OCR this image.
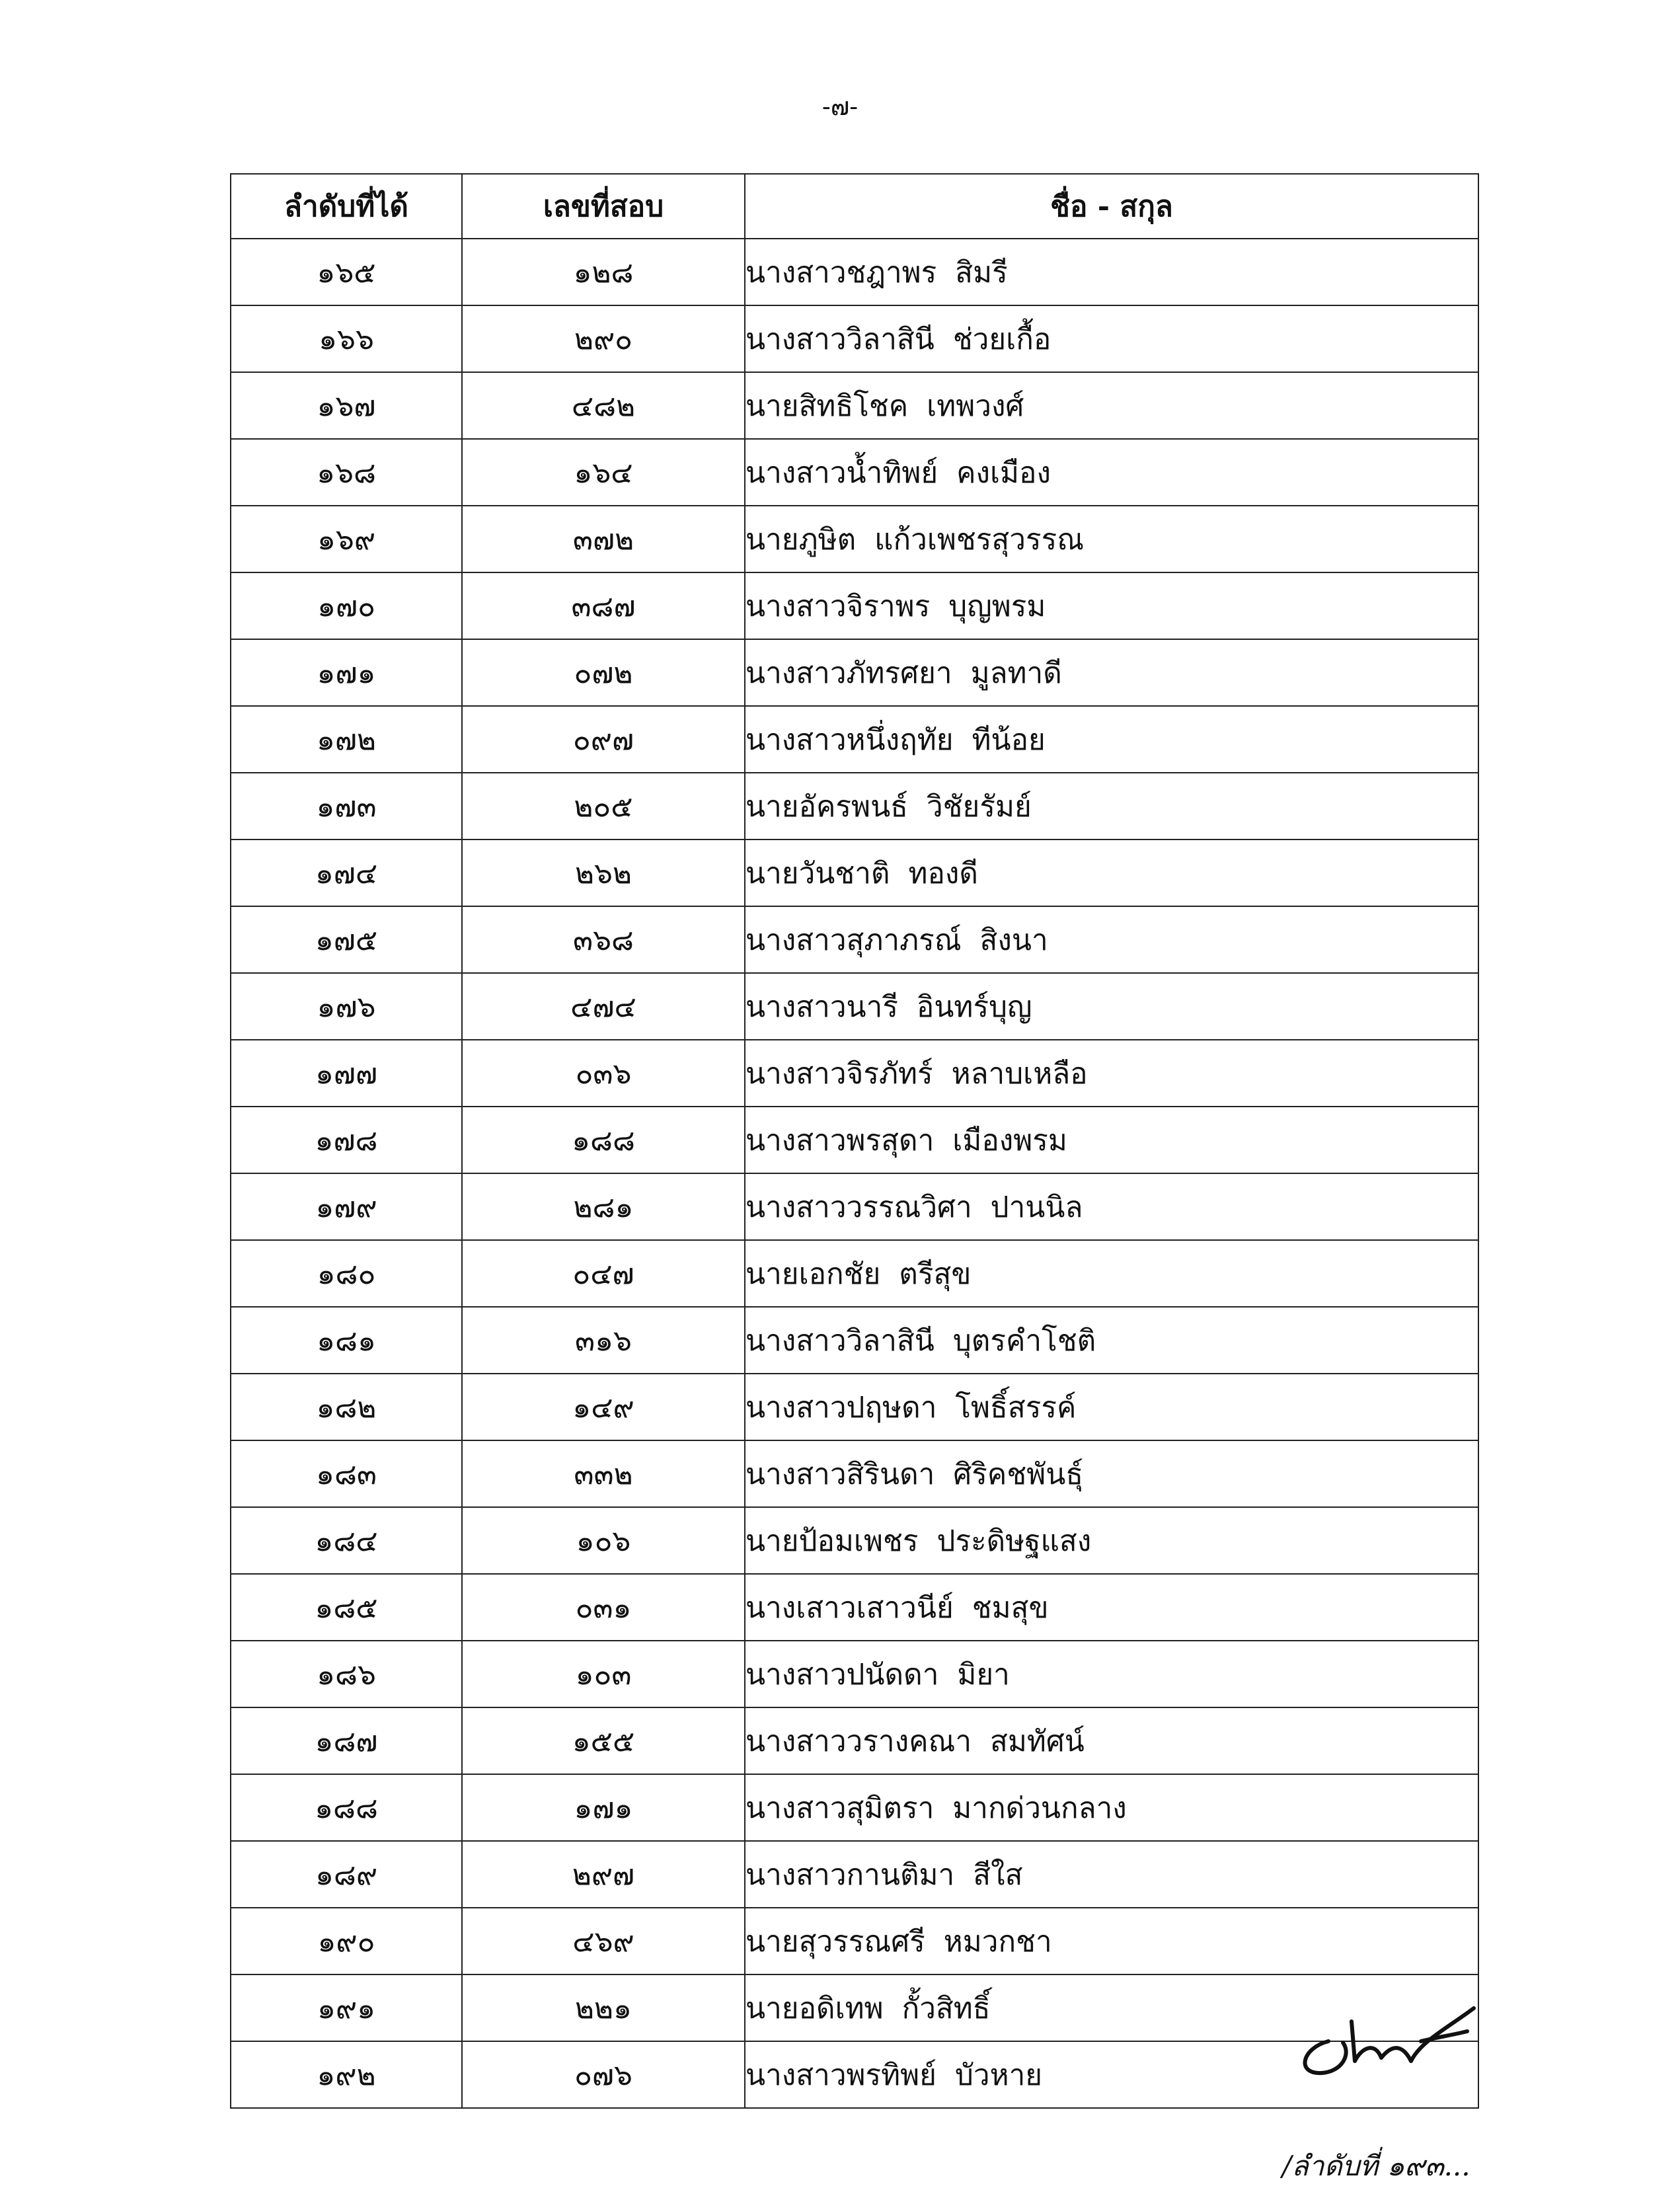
-๗-
ลำดับที่ได้	เลขที่สอบ	ชื่อ - สกุล
๑๖๕	๑๒๘	นางสาวชฎาพร  สิมรี
๑๖๖	๒๙๐	นางสาววิลาสินี  ช่วยเกื้อ
๑๖๗	๔๘๒	นายสิทธิโชค  เทพวงศ์
๑๖๘	๑๖๔	นางสาวน้ำทิพย์  คงเมือง
๑๖๙	๓๗๒	นายภูษิต  แก้วเพชรสุวรรณ
๑๗๐	๓๘๗	นางสาวจิราพร  บุญพรม
๑๗๑	๐๗๒	นางสาวภัทรศยา  มูลทาดี
๑๗๒	๐๙๗	นางสาวหนึ่งฤทัย  ทีน้อย
๑๗๓	๒๐๕	นายอัครพนธ์  วิชัยรัมย์
๑๗๔	๒๖๒	นายวันชาติ  ทองดี
๑๗๕	๓๖๘	นางสาวสุภาภรณ์  สิงนา
๑๗๖	๔๗๔	นางสาวนารี  อินทร์บุญ
๑๗๗	๐๓๖	นางสาวจิรภัทร์  หลาบเหลือ
๑๗๘	๑๘๘	นางสาวพรสุดา  เมืองพรม
๑๗๙	๒๘๑	นางสาววรรณวิศา  ปานนิล
๑๘๐	๐๔๗	นายเอกชัย  ตรีสุข
๑๘๑	๓๑๖	นางสาววิลาสินี  บุตรคำโชติ
๑๘๒	๑๔๙	นางสาวปฤษดา  โพธิ์สรรค์
๑๘๓	๓๓๒	นางสาวสิรินดา  ศิริคชพันธุ์
๑๘๔	๑๐๖	นายป้อมเพชร  ประดิษฐแสง
๑๘๕	๐๓๑	นางเสาวเสาวนีย์  ชมสุข
๑๘๖	๑๐๓	นางสาวปนัดดา  มิยา
๑๘๗	๑๕๕	นางสาววรางคณา  สมทัศน์
๑๘๘	๑๗๑	นางสาวสุมิตรา  มากด่วนกลาง
๑๘๙	๒๙๗	นางสาวกานติมา  สีใส
๑๙๐	๔๖๙	นายสุวรรณศรี  หมวกชา
๑๙๑	๒๒๑	นายอดิเทพ  กั้วสิทธิ์
๑๙๒	๐๗๖	นางสาวพรทิพย์  บัวหาย
/ลำดับที่ ๑๙๓...
